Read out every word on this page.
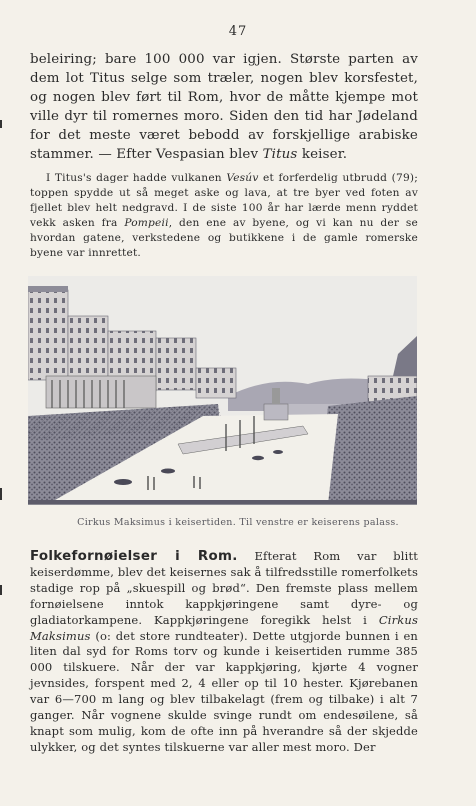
47

beleiring; bare 100 000 var igjen. Største parten av dem lot Titus selge som træler, nogen blev korsfestet, og nogen blev ført til Rom, hvor de måtte kjempe mot ville dyr til romernes moro. Siden den tid har Jødeland for det meste været bebodd av forskjellige arabiske stammer. — Efter Vespasian blev Titus keiser.

I Titus's dager hadde vulkanen Vesúv et forferdelig utbrudd (79); toppen spydde ut så meget aske og lava, at tre byer ved foten av fjellet blev helt nedgravd. I de siste 100 år har lærde menn ryddet vekk asken fra Pompeii, den ene av byene, og vi kan nu der se hvordan gatene, verkstedene og butikkene i de gamle romerske byene var innrettet.

Cirkus Maksimus i keisertiden. Til venstre er keiserens palass.

Folkefornøielser i Rom. Efterat Rom var blitt keiserdømme, blev det keisernes sak å tilfredsstille romerfolkets stadige rop på „skuespill og brød“. Den fremste plass mellem fornøielsene inntok kappkjøringene samt dyre- og gladiatorkampene. Kappkjøringene foregikk helst i Cirkus Maksimus (o: det store rundteater). Dette utgjorde bunnen i en liten dal syd for Roms torv og kunde i keisertiden rumme 385 000 tilskuere. Når der var kappkjøring, kjørte 4 vogner jevnsides, forspent med 2, 4 eller op til 10 hester. Kjørebanen var 6—700 m lang og blev tilbakelagt (frem og tilbake) i alt 7 ganger. Når vognene skulde svinge rundt om endesøilene, så knapt som mulig, kom de ofte inn på hverandre så der skjedde ulykker, og det syntes tilskuerne var aller mest moro. Der
